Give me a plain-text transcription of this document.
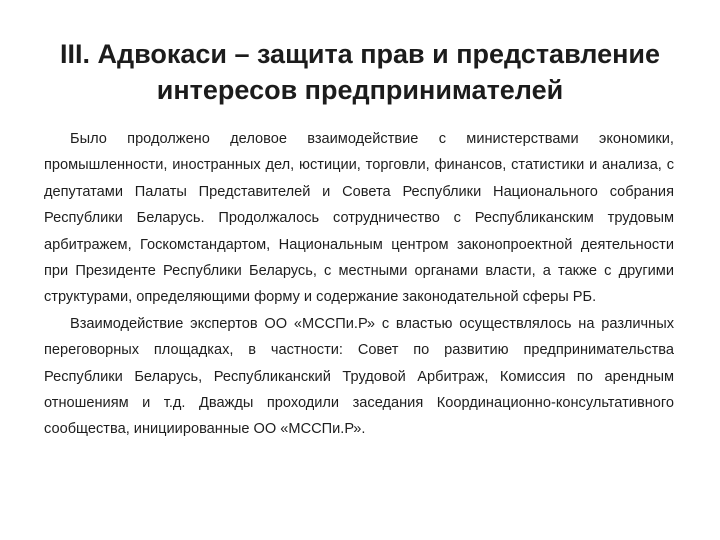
III. Адвокаси – защита прав и представление интересов предпринимателей

Было продолжено деловое взаимодействие с министерствами экономики, промышленности, иностранных дел, юстиции, торговли, финансов, статистики и анализа, с депутатами Палаты Представителей и Совета Республики Национального собрания Республики Беларусь. Продолжалось сотрудничество с Республиканским трудовым арбитражем, Госкомстандартом, Национальным центром законопроектной деятельности при Президенте Республики Беларусь, с местными органами власти, а также с другими структурами, определяющими форму и содержание законодательной сферы РБ.

Взаимодействие экспертов ОО «МССПи.Р» с властью осуществлялось на различных переговорных площадках, в частности: Совет по развитию предпринимательства Республики Беларусь, Республиканский Трудовой Арбитраж, Комиссия по арендным отношениям и т.д. Дважды проходили заседания Координационно-консультативного сообщества, инициированные ОО «МССПи.Р».
